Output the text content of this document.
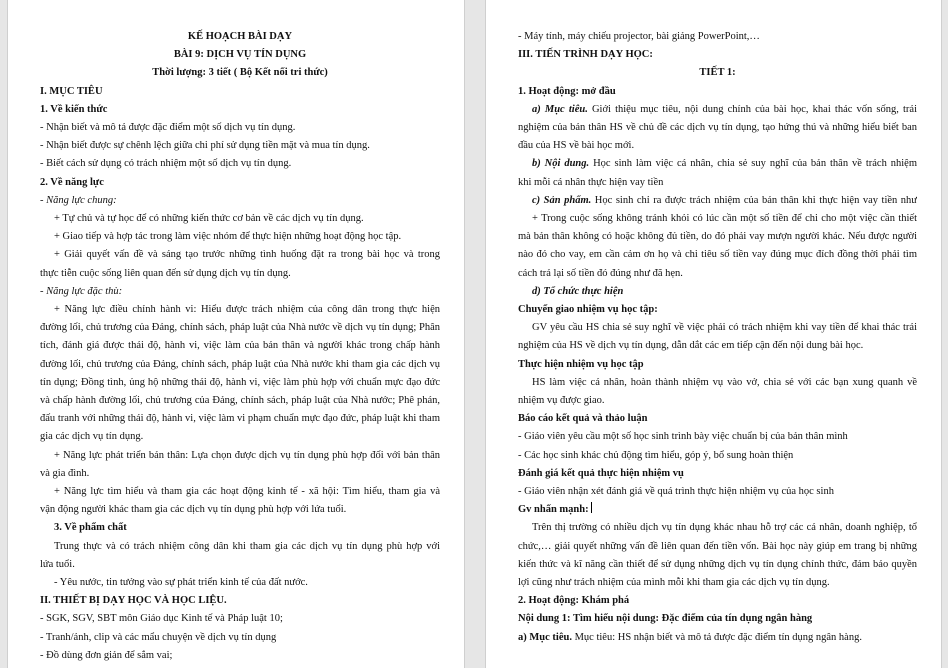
KẾ HOẠCH BÀI DẠY
BÀI 9: DỊCH VỤ TÍN DỤNG
Thời lượng: 3 tiết ( Bộ Kết nối tri thức)
I. MỤC TIÊU
1. Về kiến thức
- Nhận biết và mô tả được đặc điểm một số dịch vụ tín dụng.
- Nhận biết được sự chênh lệch giữa chi phí sử dụng tiền mặt và mua tín dụng.
- Biết cách sử dụng có trách nhiệm một số dịch vụ tín dụng.
2. Về năng lực
- Năng lực chung:
+ Tự chủ và tự học để có những kiến thức cơ bản về các dịch vụ tín dụng.
+ Giao tiếp và hợp tác trong làm việc nhóm để thực hiện những hoạt động học tập.
+ Giải quyết vấn đề và sáng tạo trước những tình huống đặt ra trong bài học và trong
thực tiễn cuộc sống liên quan đến sử dụng dịch vụ tín dụng.
- Năng lực đặc thù:
+ Năng lực điều chỉnh hành vi: Hiểu được trách nhiệm của công dân trong thực hiện
đường lối, chủ trương của Đảng, chính sách, pháp luật của Nhà nước về dịch vụ tín dụng; Phân
tích, đánh giá được thái độ, hành vi, việc làm của bản thân và người khác trong chấp hành
đường lối, chủ trương của Đảng, chính sách, pháp luật của Nhà nước khi tham gia các dịch vụ
tín dụng; Đồng tình, ủng hộ những thái độ, hành vi, việc làm phù hợp với chuẩn mực đạo đức
và chấp hành đường lối, chủ trương của Đảng, chính sách, pháp luật của Nhà nước; Phê phán,
đấu tranh với những thái độ, hành vi, việc làm vi phạm chuẩn mực đạo đức, pháp luật khi tham
gia các dịch vụ tín dụng.
+ Năng lực phát triển bản thân: Lựa chọn được dịch vụ tín dụng phù hợp đối với bản thân
và gia đình.
+ Năng lực tìm hiểu và tham gia các hoạt động kinh tế - xã hội: Tìm hiểu, tham gia và
vận động người khác tham gia các dịch vụ tín dụng phù hợp với lứa tuổi.
3. Về phẩm chất
Trung thực và có trách nhiệm công dân khi tham gia các dịch vụ tín dụng phù hợp với
lứa tuổi.
- Yêu nước, tin tưởng vào sự phát triển kinh tế của đất nước.
II. THIẾT BỊ DẠY HỌC VÀ HỌC LIỆU.
- SGK, SGV, SBT môn Giáo dục Kinh tế và Pháp luật 10;
- Tranh/ảnh, clip và các mẩu chuyện về dịch vụ tín dụng
- Đồ dùng đơn giản để sắm vai;
- Máy tính, máy chiếu projector, bài giảng PowerPoint,…
III. TIẾN TRÌNH DẠY HỌC:
TIẾT 1:
1. Hoạt động: mở đầu
a) Mục tiêu. Giới thiệu mục tiêu, nội dung chính của bài học, khai thác vốn sống, trải
nghiệm của bản thân HS về chủ đề các dịch vụ tín dụng, tạo hứng thú và những hiểu biết ban
đầu của HS về bài học mới.
b) Nội dung. Học sinh làm việc cá nhân, chia sẻ suy nghĩ của bản thân về trách nhiệm
khi mỗi cá nhân thực hiện vay tiền
c) Sản phẩm. Học sinh chỉ ra được trách nhiệm của bản thân khi thực hiện vay tiền như
+ Trong cuộc sống không tránh khỏi có lúc cần một số tiền để chi cho một việc cần thiết
mà bản thân không có hoặc không đủ tiền, do đó phải vay mượn người khác. Nếu được người
nào đó cho vay, em cần cảm ơn họ và chi tiêu số tiền vay đúng mục đích đồng thời phải tìm
cách trả lại số tiền đó đúng như đã hẹn.
d) Tổ chức thực hiện
Chuyển giao nhiệm vụ học tập:
GV yêu cầu HS chia sẻ suy nghĩ về việc phải có trách nhiệm khi vay tiền để khai thác trải
nghiệm của HS về dịch vụ tín dụng, dẫn dắt các em tiếp cận đến nội dung bài học.
Thực hiện nhiệm vụ học tập
HS làm việc cá nhân, hoàn thành nhiệm vụ vào vở, chia sẻ với các bạn xung quanh về
nhiệm vụ được giao.
Báo cáo kết quả và thảo luận
- Giáo viên yêu cầu một số học sinh trình bày việc chuẩn bị của bản thân mình
- Các học sinh khác chủ động tìm hiểu, góp ý, bổ sung hoàn thiện
Đánh giá kết quả thực hiện nhiệm vụ
- Giáo viên nhận xét đánh giá về quá trình thực hiện nhiệm vụ của học sinh
Gv nhấn mạnh:
Trên thị trường có nhiều dịch vụ tín dụng khác nhau hỗ trợ các cá nhân, doanh nghiệp, tổ
chức,… giải quyết những vấn đề liên quan đến tiền vốn. Bài học này giúp em trang bị những
kiến thức và kĩ năng cần thiết để sử dụng những dịch vụ tín dụng chính thức, đảm bảo quyền
lợi cũng như trách nhiệm của mình mỗi khi tham gia các dịch vụ tín dụng.
2. Hoạt động: Khám phá
Nội dung 1: Tìm hiểu nội dung: Đặc điểm của tín dụng ngân hàng
a) Mục tiêu. Mục tiêu: HS nhận biết và mô tả được đặc điểm tín dụng ngân hàng.
